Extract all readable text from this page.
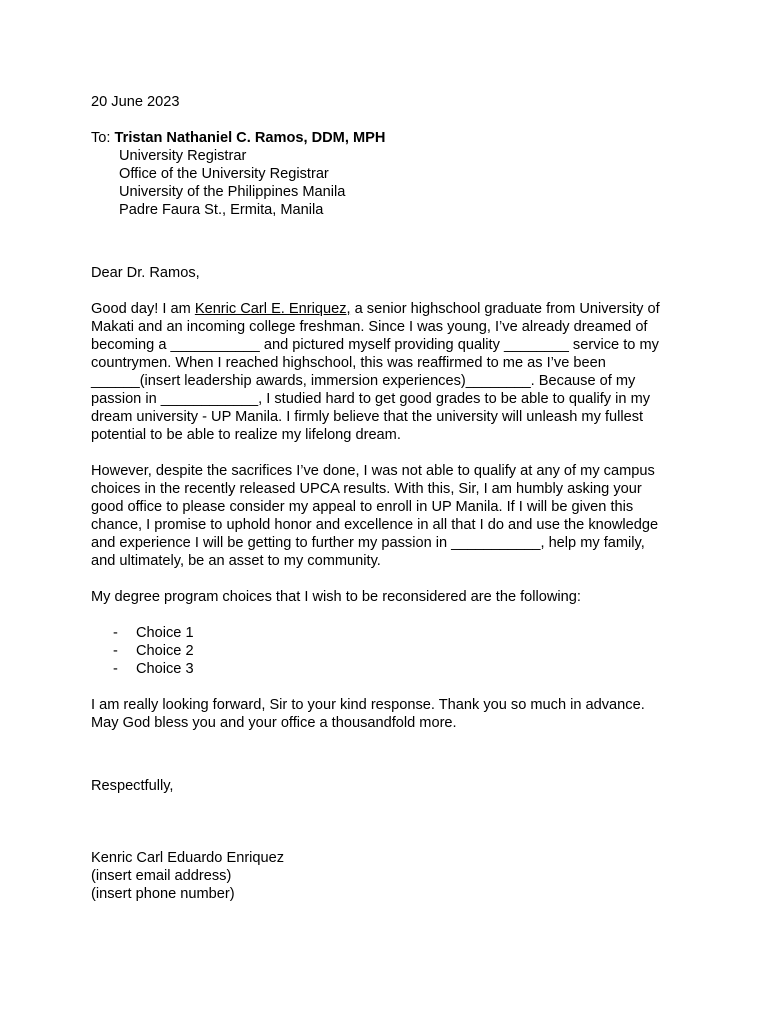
20 June 2023
To: Tristan Nathaniel C. Ramos, DDM, MPH
University Registrar
Office of the University Registrar
University of the Philippines Manila
Padre Faura St., Ermita, Manila
Dear Dr. Ramos,
Good day! I am Kenric Carl E. Enriquez, a senior highschool graduate from University of
Makati and an incoming college freshman. Since I was young, I’ve already dreamed of
becoming a ___________ and pictured myself providing quality ________ service to my
countrymen. When I reached highschool, this was reaffirmed to me as I’ve been
______(insert leadership awards, immersion experiences)________. Because of my
passion in ____________, I studied hard to get good grades to be able to qualify in my
dream university - UP Manila. I firmly believe that the university will unleash my fullest
potential to be able to realize my lifelong dream.
However, despite the sacrifices I’ve done, I was not able to qualify at any of my campus
choices in the recently released UPCA results. With this, Sir, I am humbly asking your
good office to please consider my appeal to enroll in UP Manila. If I will be given this
chance, I promise to uphold honor and excellence in all that I do and use the knowledge
and experience I will be getting to further my passion in ___________, help my family,
and ultimately, be an asset to my community.
My degree program choices that I wish to be reconsidered are the following:
- Choice 1
- Choice 2
- Choice 3
I am really looking forward, Sir to your kind response. Thank you so much in advance.
May God bless you and your office a thousandfold more.
Respectfully,
Kenric Carl Eduardo Enriquez
(insert email address)
(insert phone number)
